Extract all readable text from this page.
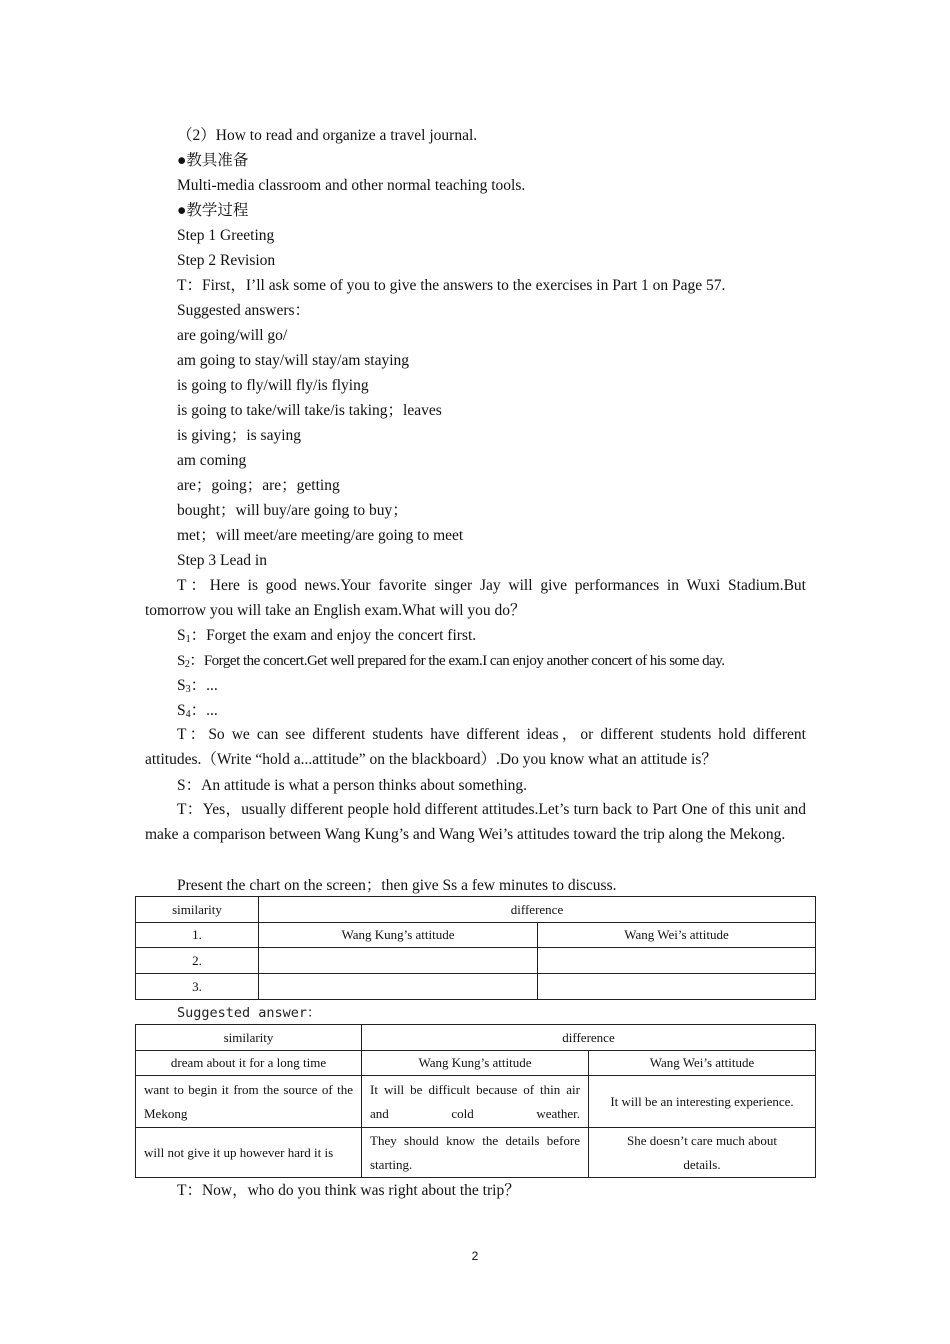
（2）How to read and organize a travel journal.
●教具准备
Multi-media classroom and other normal teaching tools.
●教学过程
Step 1 Greeting
Step 2 Revision
T：First，I’ll ask some of you to give the answers to the exercises in Part 1 on Page 57.
Suggested answers：
are going/will go/
am going to stay/will stay/am staying
is going to fly/will fly/is flying
is going to take/will take/is taking；leaves
is giving；is saying
am coming
are；going；are；getting
bought；will buy/are going to buy；
met；will meet/are meeting/are going to meet
Step 3 Lead in
T：Here is good news.Your favorite singer Jay will give performances in Wuxi Stadium.But tomorrow you will take an English exam.What will you do？
$S_1$：Forget the exam and enjoy the concert first.
$S_2$：Forget the concert.Get well prepared for the exam.I can enjoy another concert of his some day.
$S_3$：...
$S_4$：...
T：So we can see different students have different ideas，or different students hold different attitudes.（Write “hold a...attitude” on the blackboard）.Do you know what an attitude is？
S：An attitude is what a person thinks about something.
T：Yes，usually different people hold different attitudes.Let’s turn back to Part One of this unit and make a comparison between Wang Kung’s and Wang Wei’s attitudes toward the trip along the Mekong.
Present the chart on the screen；then give Ss a few minutes to discuss.
similarity	difference	
1.	Wang Kung’s attitude	Wang Wei’s attitude
2.		
3.		
Suggested answer：
similarity	difference	
dream about it for a long time	Wang Kung’s attitude	Wang Wei’s attitude
want to begin it from the source of the Mekong	It will be difficult because of thin air and cold weather.	It will be an interesting experience.
will not give it up however hard it is	They should know the details before starting.	She doesn’t care much about details.
T：Now，who do you think was right about the trip？
2
